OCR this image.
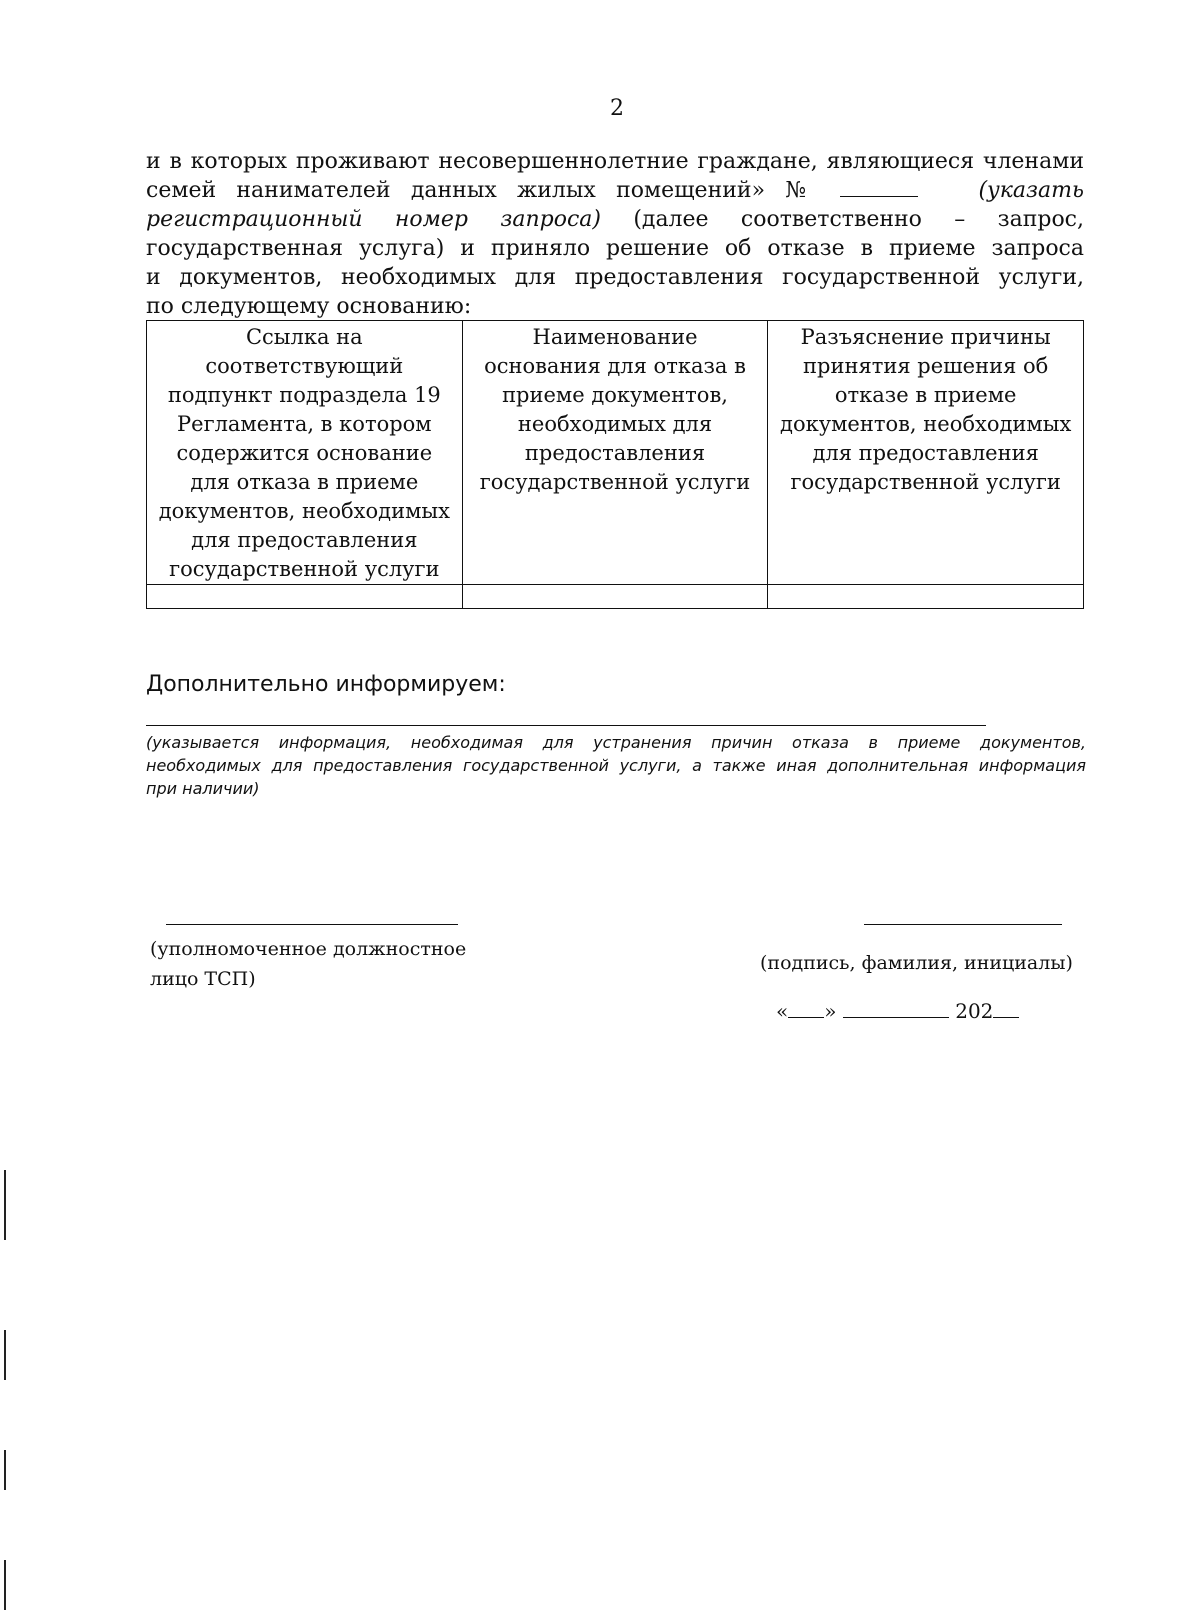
2
и в которых проживают несовершеннолетние граждане, являющиеся членами
семей нанимателей данных жилых помещений» №	(указать
регистрационный номер запроса) (далее соответственно – запрос,
государственная услуга) и приняло решение об отказе в приеме запроса
и документов, необходимых для предоставления государственной услуги,
по следующему основанию:
Ссылка на соответствующий подпункт подраздела 19 Регламента, в котором содержится основание для отказа в приеме документов, необходимых для предоставления государственной услуги	Наименование основания для отказа в приеме документов, необходимых для предоставления государственной услуги	Разъяснение причины принятия решения об отказе в приеме документов, необходимых для предоставления государственной услуги

Дополнительно информируем:
(указывается информация, необходимая для устранения причин отказа в приеме документов,
необходимых для предоставления государственной услуги, а также иная дополнительная информация
при наличии)
(уполномоченное должностное
лицо ТСП)
(подпись, фамилия, инициалы)
« »	202
